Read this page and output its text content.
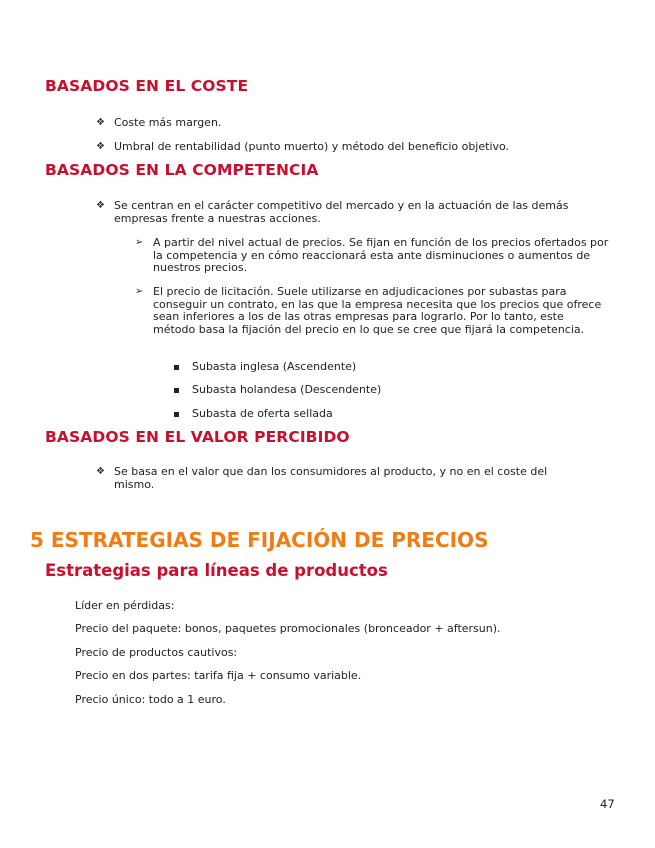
BASADOS EN EL COSTE
❖ Coste más margen.
❖ Umbral de rentabilidad (punto muerto) y método del beneficio objetivo.
BASADOS EN LA COMPETENCIA
❖ Se centran en el carácter competitivo del mercado y en la actuación de las demás empresas frente a nuestras acciones.
➢ A partir del nivel actual de precios. Se fijan en función de los precios ofertados por la competencia y en cómo reaccionará esta ante disminuciones o aumentos de nuestros precios.
➢ El precio de licitación. Suele utilizarse en adjudicaciones por subastas para conseguir un contrato, en las que la empresa necesita que los precios que ofrece sean inferiores a los de las otras empresas para lograrlo. Por lo tanto, este método basa la fijación del precio en lo que se cree que fijará la competencia.
Subasta inglesa (Ascendente)
Subasta holandesa (Descendente)
Subasta de oferta sellada
BASADOS EN EL VALOR PERCIBIDO
❖ Se basa en el valor que dan los consumidores al producto, y no en el coste del mismo.
5 ESTRATEGIAS DE FIJACIÓN DE PRECIOS
Estrategias para líneas de productos
Líder en pérdidas:
Precio del paquete: bonos, paquetes promocionales (bronceador + aftersun).
Precio de productos cautivos:
Precio en dos partes: tarifa fija + consumo variable.
Precio único: todo a 1 euro.
47
